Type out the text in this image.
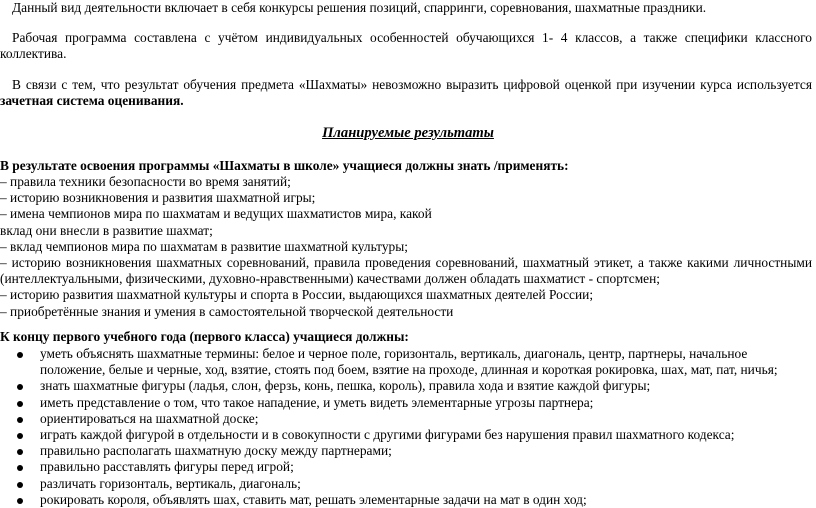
Данный вид деятельности включает в себя конкурсы решения позиций, спарринги, соревнования, шахматные праздники.

Рабочая программа составлена с учётом индивидуальных особенностей обучающихся 1- 4 классов, а также специфики классного коллектива.

В связи с тем, что результат обучения предмета «Шахматы» невозможно выразить цифровой оценкой при изучении курса используется зачетная система оценивания.

Планируемые результаты

В результате освоения программы «Шахматы в школе» учащиеся должны знать /применять:

– правила техники безопасности во время занятий;
– историю возникновения и развития шахматной игры;
– имена чемпионов мира по шахматам и ведущих шахматистов мира, какой
вклад они внесли в развитие шахмат;
– вклад чемпионов мира по шахматам в развитие шахматной культуры;
– историю возникновения шахматных соревнований, правила проведения соревнований, шахматный этикет, а также какими личностными (интеллектуальными, физическими, духовно-нравственными) качествами должен обладать шахматист - спортсмен;
– историю развития шахматной культуры и спорта в России, выдающихся шахматных деятелей России;
– приобретённые знания и умения в самостоятельной творческой деятельности

К концу первого учебного года (первого класса) учащиеся должны:

уметь объяснять шахматные термины: белое и черное поле, горизонталь, вертикаль, диагональ, центр, партнеры, начальное положение, белые и черные, ход, взятие, стоять под боем, взятие на проходе, длинная и короткая рокировка, шах, мат, пат, ничья;
знать шахматные фигуры (ладья, слон, ферзь, конь, пешка, король), правила хода и взятие каждой фигуры;
иметь представление о том, что такое нападение, и уметь видеть элементарные угрозы партнера;
ориентироваться на шахматной доске;
играть каждой фигурой в отдельности и в совокупности с другими фигурами без нарушения правил шахматного кодекса;
правильно располагать шахматную доску между партнерами;
правильно расставлять фигуры перед игрой;
различать горизонталь, вертикаль, диагональ;
рокировать короля, объявлять шах, ставить мат, решать элементарные задачи на мат в один ход;
